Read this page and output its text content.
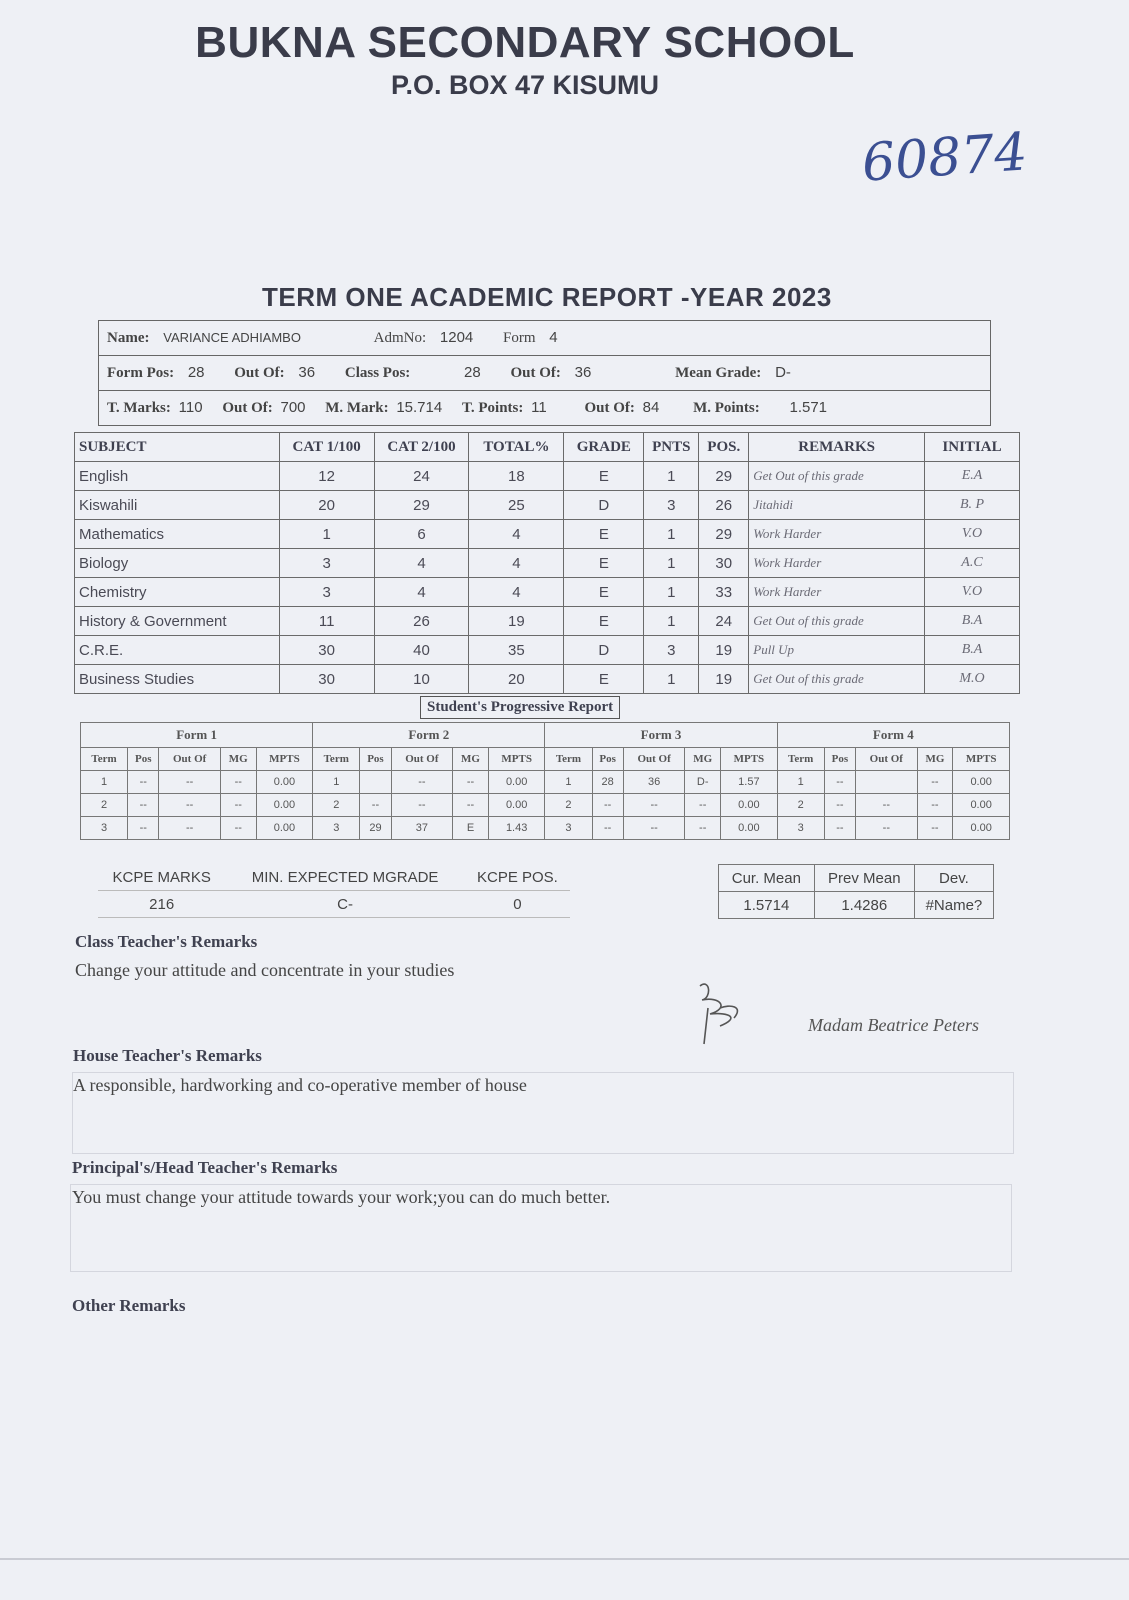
BUKNA SECONDARY SCHOOL
P.O. BOX 47 KISUMU
60874
TERM ONE ACADEMIC REPORT -YEAR 2023
Name: VARIANCE ADHIAMBO	AdmNo: 1204 Form 4
Form Pos: 28 Out Of: 36 Class Pos:	28 Out Of: 36	Mean Grade: D-
T. Marks: 110 Out Of: 700 M. Mark: 15.714 T. Points: 11	Out Of: 84 M. Points: 1.571
SUBJECT	CAT 1/100	CAT 2/100	TOTAL%	GRADE	PNTS	POS.	REMARKS	INITIAL
English	12	24	18	E	1	29	Get Out of this grade	E.A
Kiswahili	20	29	25	D	3	26	Jitahidi	B. P
Mathematics	1	6	4	E	1	29	Work Harder	V.O
Biology	3	4	4	E	1	30	Work Harder	A.C
Chemistry	3	4	4	E	1	33	Work Harder	V.O
History & Government	11	26	19	E	1	24	Get Out of this grade	B.A
C.R.E.	30	40	35	D	3	19	Pull Up	B.A
Business Studies	30	10	20	E	1	19	Get Out of this grade	M.O
Student's Progressive Report
Form 1					Form 2					Form 3					Form 4				
Term	Pos	Out Of	MG	MPTS	Term	Pos	Out Of	MG	MPTS	Term	Pos	Out Of	MG	MPTS	Term	Pos	Out Of	MG	MPTS
1	--	--	--	0.00	1		--	--	0.00	1	28	36	D-	1.57	1	--		--	0.00
2	--	--	--	0.00	2	--	--	--	0.00	2	--	--	--	0.00	2	--	--	--	0.00
3	--	--	--	0.00	3	29	37	E	1.43	3	--	--	--	0.00	3	--	--	--	0.00
KCPE MARKS	MIN. EXPECTED MGRADE	KCPE POS.
216	C-	0
Cur. Mean	Prev Mean	Dev.
1.5714	1.4286	#Name?
Class Teacher's Remarks
Change your attitude and concentrate in your studies
Madam Beatrice Peters
House Teacher's Remarks
A responsible, hardworking and co-operative member of house
Principal's/Head Teacher's Remarks
You must change your attitude towards your work;you can do much better.
Other Remarks
